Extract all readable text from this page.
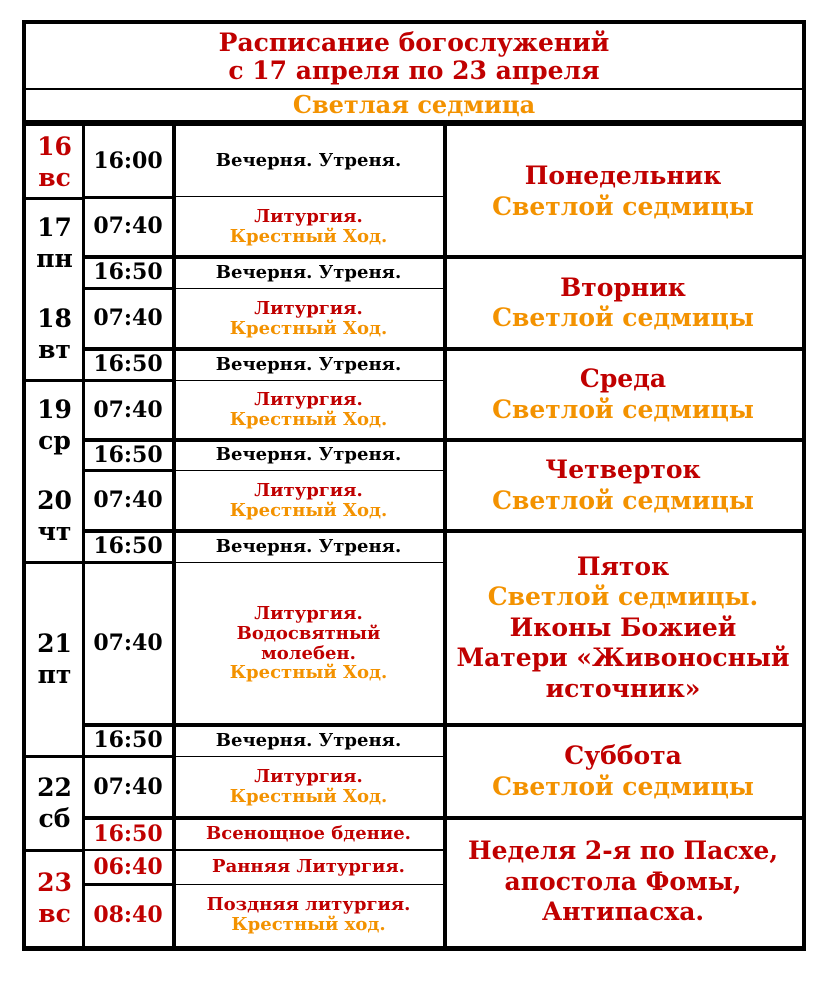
Расписание богослужений
с 17 апреля по 23 апреля
Светлая седмица
16
вс
17
пн
18
вт
19
ср
20
чт
21
пт
22
сб
23
вс
16:00
07:40
16:50
07:40
16:50
07:40
16:50
07:40
16:50
07:40
16:50
07:40
16:50
06:40
08:40
Вечерня. Утреня.
Литургия.
Крестный Ход.
Вечерня. Утреня.
Литургия.
Крестный Ход.
Вечерня. Утреня.
Литургия.
Крестный Ход.
Вечерня. Утреня.
Литургия.
Крестный Ход.
Вечерня. Утреня.
Литургия.
Водосвятный
молебен.
Крестный Ход.
Вечерня. Утреня.
Литургия.
Крестный Ход.
Всенощное бдение.
Ранняя Литургия.
Поздняя литургия.
Крестный ход.
Понедельник
Светлой седмицы
Вторник
Светлой седмицы
Среда
Светлой седмицы
Четверток
Светлой седмицы
Пяток
Светлой седмицы.
Иконы Божией
Матери «Живоносный
источник»
Суббота
Светлой седмицы
Неделя 2-я по Пасхе,
апостола Фомы,
Антипасха.
